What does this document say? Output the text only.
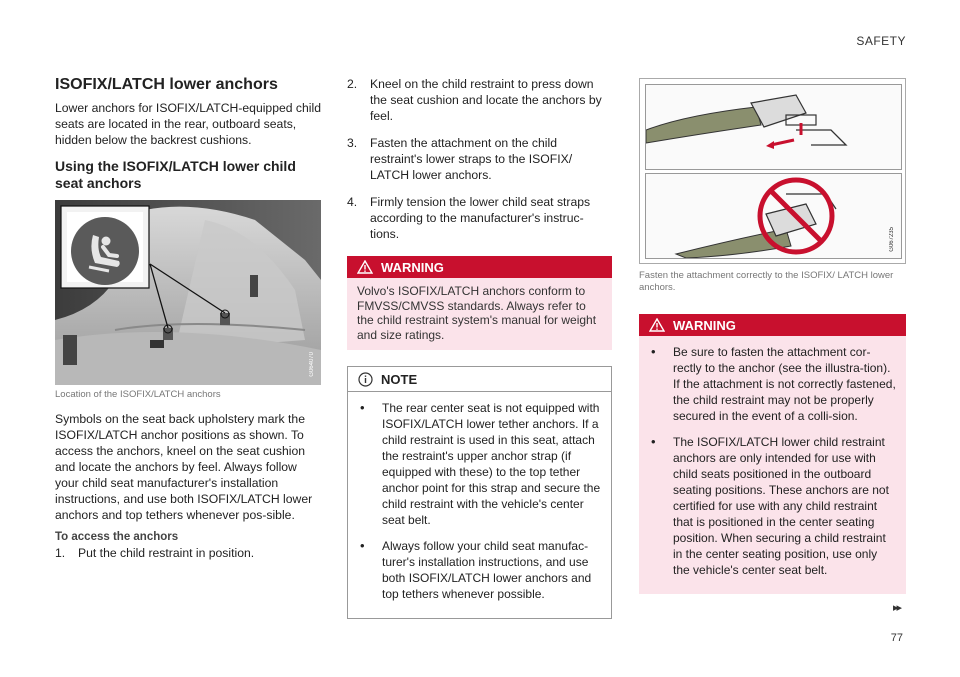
SAFETY
ISOFIX/LATCH lower anchors

Lower anchors for ISOFIX/LATCH-equipped child seats are located in the rear, outboard seats, hidden below the backrest cushions.

Using the ISOFIX/LATCH lower child seat anchors
G064070
Location of the ISOFIX/LATCH anchors

Symbols on the seat back upholstery mark the ISOFIX/LATCH anchor positions as shown. To access the anchors, kneel on the seat cushion and locate the anchors by feel. Always follow your child seat manufacturer's installation instructions, and use both ISOFIX/LATCH lower anchors and top tethers whenever pos-sible.

To access the anchors
1. Put the child restraint in position.
2. Kneel on the child restraint to press down the seat cushion and locate the anchors by feel.
3. Fasten the attachment on the child restraint's lower straps to the ISOFIX/ LATCH lower anchors.
4. Firmly tension the lower child seat straps according to the manufacturer's instruc-tions.
WARNING
Volvo's ISOFIX/LATCH anchors conform to FMVSS/CMVSS standards. Always refer to the child restraint system's manual for weight and size ratings.
NOTE
• The rear center seat is not equipped with ISOFIX/LATCH lower tether anchors. If a child restraint is used in this seat, attach the restraint's upper anchor strap (if equipped with these) to the top tether anchor point for this strap and secure the child restraint with the vehicle's center seat belt.
• Always follow your child seat manufac-turer's installation instructions, and use both ISOFIX/LATCH lower anchors and top tethers whenever possible.
G067235
Fasten the attachment correctly to the ISOFIX/ LATCH lower anchors.
WARNING
• Be sure to fasten the attachment cor-rectly to the anchor (see the illustra-tion). If the attachment is not correctly fastened, the child restraint may not be properly secured in the event of a colli-sion.
• The ISOFIX/LATCH lower child restraint anchors are only intended for use with child seats positioned in the outboard seating positions. These anchors are not certified for use with any child restraint that is positioned in the center seating position. When securing a child restraint in the center seating position, use only the vehicle's center seat belt.
▸▸
77
